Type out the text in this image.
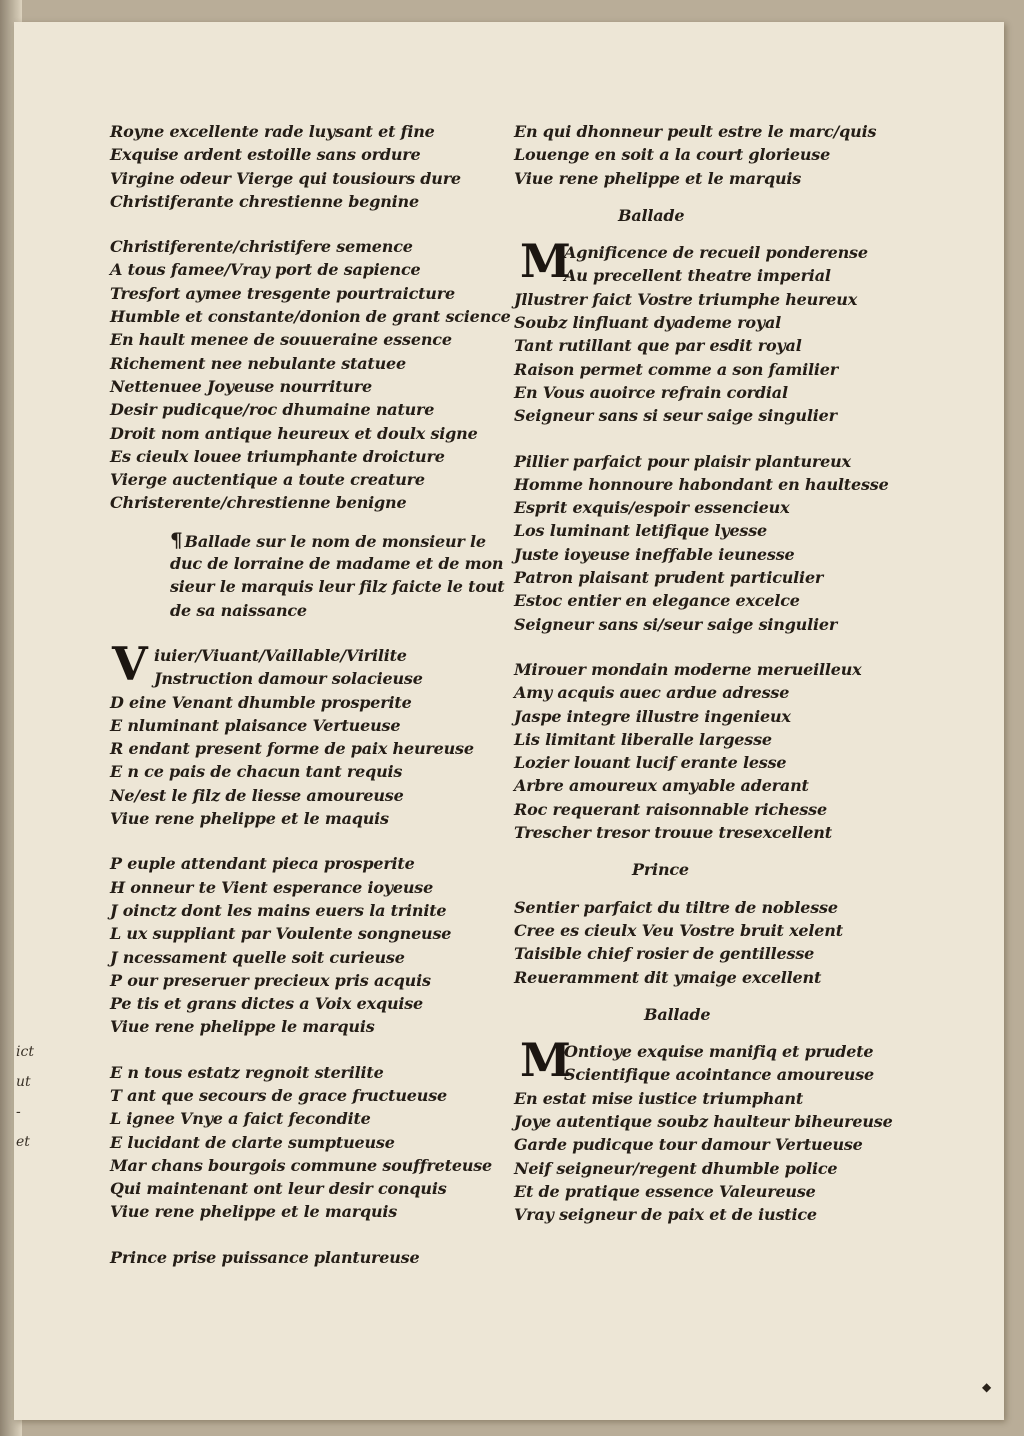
ict
ut
-
et
Royne excellente rade luysant et fine
Exquise ardent estoille sans ordure
Virgine odeur Vierge qui tousiours dure
Christiferante chrestienne begnine
Christiferente/christifere semence
A tous famee/Vray port de sapience
Tresfort aymee tresgente pourtraicture
Humble et constante/donion de grant science
En hault menee de souueraine essence
Richement nee nebulante statuee
Nettenuee Joyeuse nourriture
Desir pudicque/roc dhumaine nature
Droit nom antique heureux et doulx signe
Es cieulx louee triumphante droicture
Vierge auctentique a toute creature
Christerente/chrestienne benigne
¶ Ballade sur le nom de monsieur le
duc de lorraine de madame et de mon
sieur le marquis leur filz faicte le tout
de sa naissance
V iuier/Viuant/Vaillable/Virilite
Jnstruction damour solacieuse
D eine Venant dhumble prosperite
E nluminant plaisance Vertueuse
R endant present forme de paix heureuse
E n ce pais de chacun tant requis
Ne/est le filz de liesse amoureuse
Viue rene phelippe et le maquis
P euple attendant pieca prosperite
H onneur te Vient esperance ioyeuse
J oinctz dont les mains euers la trinite
L ux suppliant par Voulente songneuse
J ncessament quelle soit curieuse
P our preseruer precieux pris acquis
Pe tis et grans dictes a Voix exquise
Viue rene phelippe le marquis
E n tous estatz regnoit sterilite
T ant que secours de grace fructueuse
L ignee Vnye a faict fecondite
E lucidant de clarte sumptueuse
Mar chans bourgois commune souffreteuse
Qui maintenant ont leur desir conquis
Viue rene phelippe et le marquis
Prince prise puissance plantureuse
En qui dhonneur peult estre le marc/quis
Louenge en soit a la court glorieuse
Viue rene phelippe et le marquis
Ballade
M
Agnificence de recueil ponderense
Au precellent theatre imperial
Jllustrer faict Vostre triumphe heureux
Soubz linfluant dyademe royal
Tant rutillant que par esdit royal
Raison permet comme a son familier
En Vous auoirce refrain cordial
Seigneur sans si seur saige singulier
Pillier parfaict pour plaisir plantureux
Homme honnoure habondant en haultesse
Esprit exquis/espoir essencieux
Los luminant letifique lyesse
Juste ioyeuse ineffable ieunesse
Patron plaisant prudent particulier
Estoc entier en elegance excelce
Seigneur sans si/seur saige singulier
Mirouer mondain moderne merueilleux
Amy acquis auec ardue adresse
Jaspe integre illustre ingenieux
Lis limitant liberalle largesse
Lozier louant lucif erante lesse
Arbre amoureux amyable aderant
Roc requerant raisonnable richesse
Trescher tresor trouue tresexcellent
Prince
Sentier parfaict du tiltre de noblesse
Cree es cieulx Veu Vostre bruit xelent
Taisible chief rosier de gentillesse
Reueramment dit ymaige excellent
Ballade
M
Ontioye exquise manifiq et prudete
Scientifique acointance amoureuse
En estat mise iustice triumphant
Joye autentique soubz haulteur biheureuse
Garde pudicque tour damour Vertueuse
Neif seigneur/regent dhumble police
Et de pratique essence Valeureuse
Vray seigneur de paix et de iustice
◆
